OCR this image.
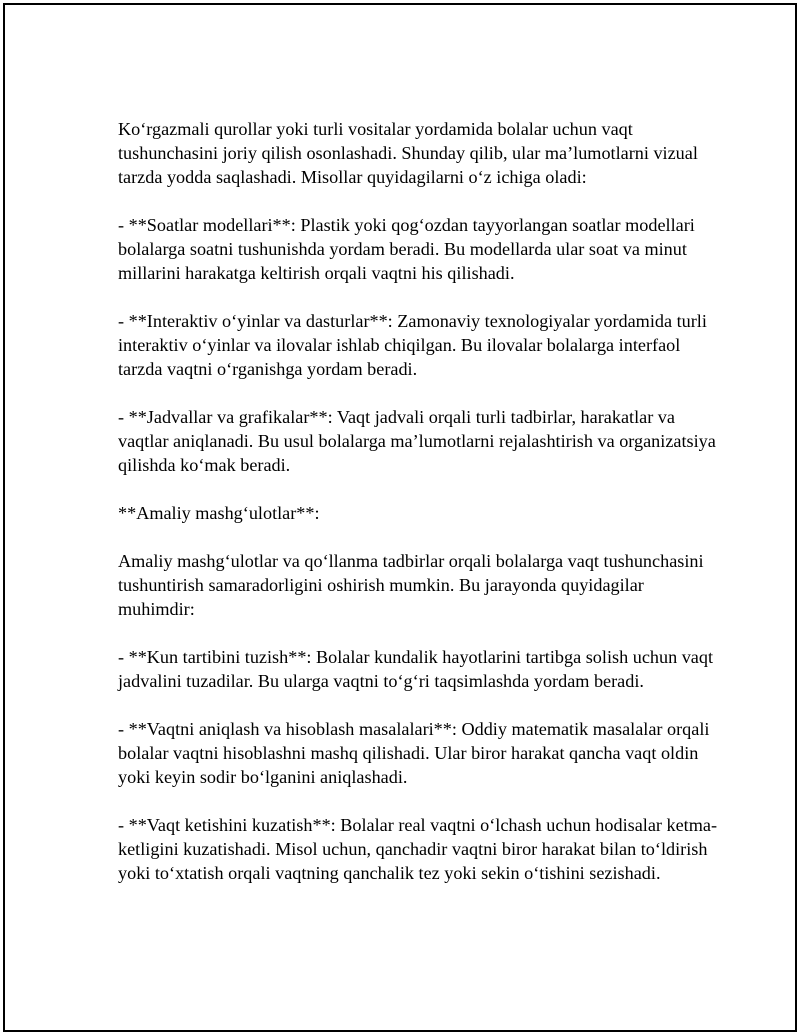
Ko‘rgazmali qurollar yoki turli vositalar yordamida bolalar uchun vaqt tushunchasini joriy qilish osonlashadi. Shunday qilib, ular ma’lumotlarni vizual tarzda yodda saqlashadi. Misollar quyidagilarni o‘z ichiga oladi:

- **Soatlar modellari**: Plastik yoki qog‘ozdan tayyorlangan soatlar modellari bolalarga soatni tushunishda yordam beradi. Bu modellarda ular soat va minut millarini harakatga keltirish orqali vaqtni his qilishadi.

- **Interaktiv o‘yinlar va dasturlar**: Zamonaviy texnologiyalar yordamida turli interaktiv o‘yinlar va ilovalar ishlab chiqilgan. Bu ilovalar bolalarga interfaol tarzda vaqtni o‘rganishga yordam beradi.

- **Jadvallar va grafikalar**: Vaqt jadvali orqali turli tadbirlar, harakatlar va vaqtlar aniqlanadi. Bu usul bolalarga ma’lumotlarni rejalashtirish va organizatsiya qilishda ko‘mak beradi.

**Amaliy mashg‘ulotlar**:

Amaliy mashg‘ulotlar va qo‘llanma tadbirlar orqali bolalarga vaqt tushunchasini tushuntirish samaradorligini oshirish mumkin. Bu jarayonda quyidagilar muhimdir:

- **Kun tartibini tuzish**: Bolalar kundalik hayotlarini tartibga solish uchun vaqt jadvalini tuzadilar. Bu ularga vaqtni to‘g‘ri taqsimlashda yordam beradi.

- **Vaqtni aniqlash va hisoblash masalalari**: Oddiy matematik masalalar orqali bolalar vaqtni hisoblashni mashq qilishadi. Ular biror harakat qancha vaqt oldin yoki keyin sodir bo‘lganini aniqlashadi.

- **Vaqt ketishini kuzatish**: Bolalar real vaqtni o‘lchash uchun hodisalar ketma-ketligini kuzatishadi. Misol uchun, qanchadir vaqtni biror harakat bilan to‘ldirish yoki to‘xtatish orqali vaqtning qanchalik tez yoki sekin o‘tishini sezishadi.
